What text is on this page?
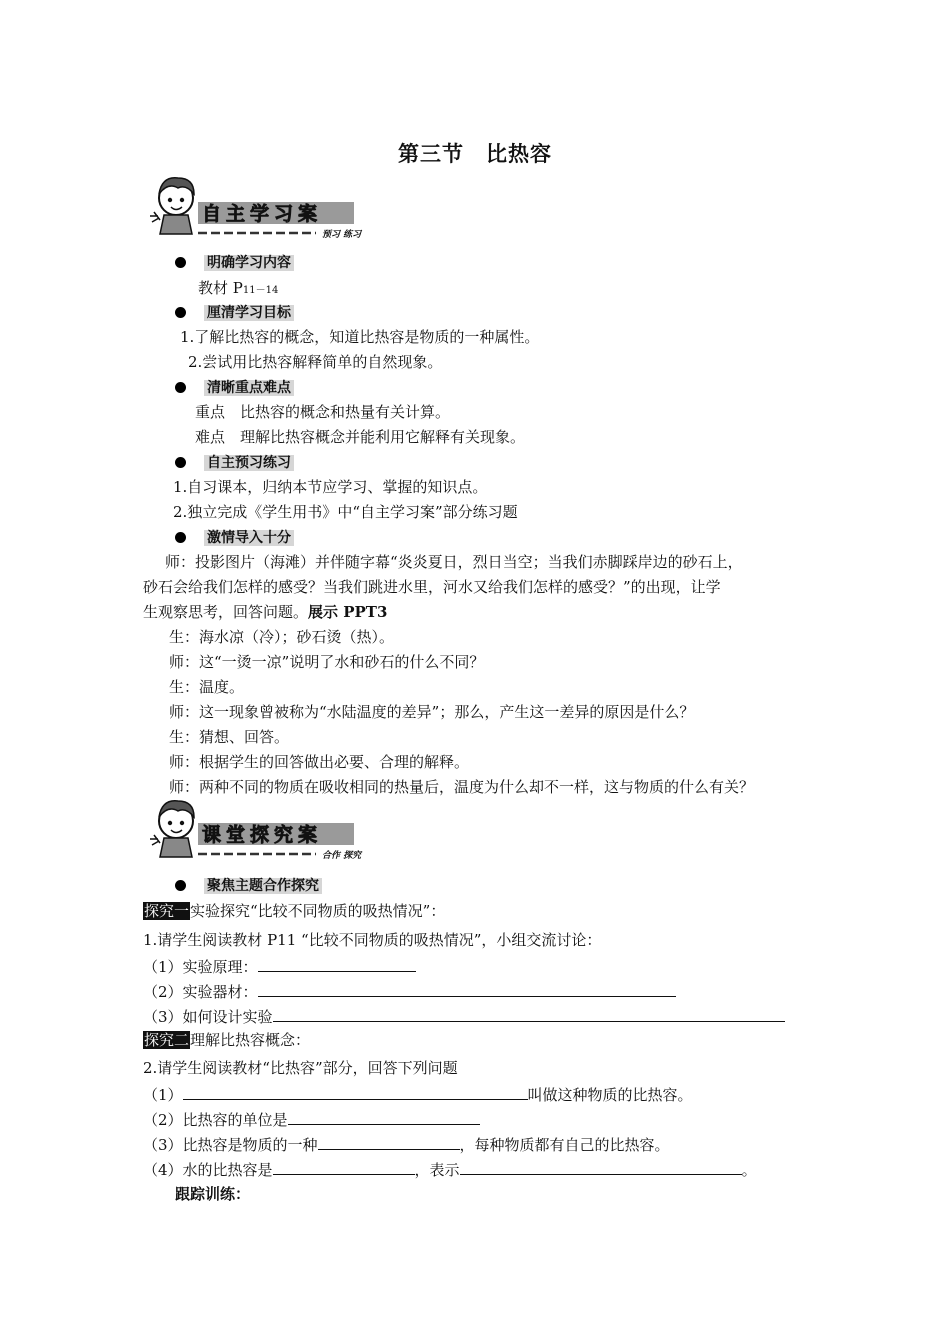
第三节　比热容
自主学习案
预习 练习
明确学习内容
教材 P11－14
厘清学习目标
1.了解比热容的概念，知道比热容是物质的一种属性。
2.尝试用比热容解释简单的自然现象。
清晰重点难点
重点　比热容的概念和热量有关计算。
难点　理解比热容概念并能利用它解释有关现象。
自主预习练习
1.自习课本，归纳本节应学习、掌握的知识点。
2.独立完成《学生用书》中“自主学习案”部分练习题
激情导入十分
师：投影图片（海滩）并伴随字幕“炎炎夏日，烈日当空；当我们赤脚踩岸边的砂石上，
砂石会给我们怎样的感受？当我们跳进水里，河水又给我们怎样的感受？”的出现，让学
生观察思考，回答问题。展示 PPT3
生：海水凉（冷）；砂石烫（热）。
师：这“一烫一凉”说明了水和砂石的什么不同？
生：温度。
师：这一现象曾被称为“水陆温度的差异”；那么，产生这一差异的原因是什么？
生：猜想、回答。
师：根据学生的回答做出必要、合理的解释。
师：两种不同的物质在吸收相同的热量后，温度为什么却不一样，这与物质的什么有关？
课堂探究案
合作 探究
聚焦主题合作探究
探究一实验探究“比较不同物质的吸热情况”：
1.请学生阅读教材 P11 “比较不同物质的吸热情况”，小组交流讨论：
（1）实验原理：
（2）实验器材：
（3）如何设计实验
探究二理解比热容概念：
2.请学生阅读教材“比热容”部分，回答下列问题
（1）	叫做这种物质的比热容。
（2）比热容的单位是
（3）比热容是物质的一种	，每种物质都有自己的比热容。
（4）水的比热容是	，表示	。
跟踪训练：
